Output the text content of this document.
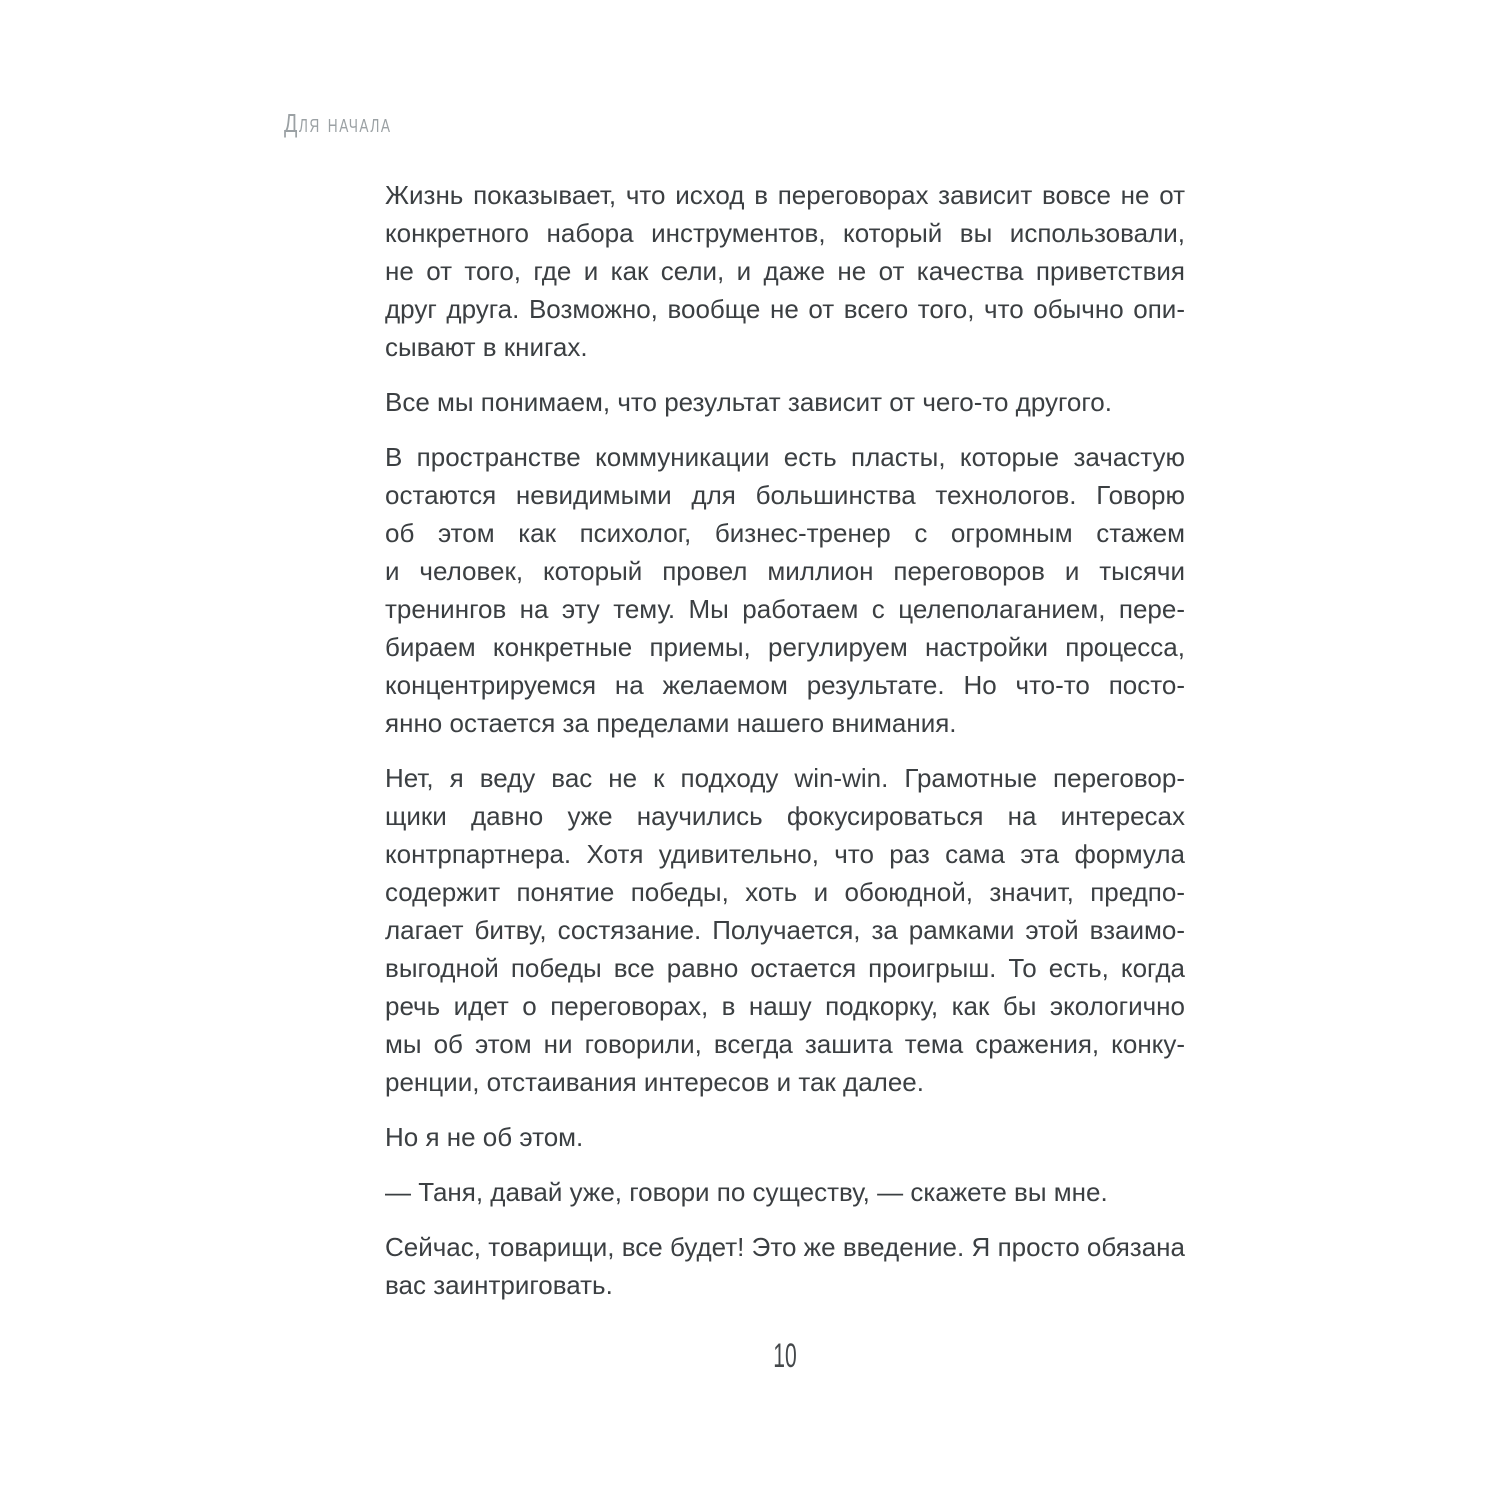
Для начала

Жизнь показывает, что исход в переговорах зависит вовсе не от
конкретного набора инструментов, который вы использовали,
не от того, где и как сели, и даже не от качества приветствия
друг друга. Возможно, вообще не от всего того, что обычно опи-
сывают в книгах.

Все мы понимаем, что результат зависит от чего-то другого.

В пространстве коммуникации есть пласты, которые зачастую
остаются невидимыми для большинства технологов. Говорю
об этом как психолог, бизнес-тренер с огромным стажем
и человек, который провел миллион переговоров и тысячи
тренингов на эту тему. Мы работаем с целеполаганием, пере-
бираем конкретные приемы, регулируем настройки процесса,
концентрируемся на желаемом результате. Но что-то посто-
янно остается за пределами нашего внимания.

Нет, я веду вас не к подходу win-win. Грамотные переговор-
щики давно уже научились фокусироваться на интересах
контрпартнера. Хотя удивительно, что раз сама эта формула
содержит понятие победы, хоть и обоюдной, значит, предпо-
лагает битву, состязание. Получается, за рамками этой взаимо-
выгодной победы все равно остается проигрыш. То есть, когда
речь идет о переговорах, в нашу подкорку, как бы экологично
мы об этом ни говорили, всегда зашита тема сражения, конку-
ренции, отстаивания интересов и так далее.

Но я не об этом.

— Таня, давай уже, говори по существу, — скажете вы мне.

Сейчас, товарищи, все будет! Это же введение. Я просто обязана
вас заинтриговать.

10
